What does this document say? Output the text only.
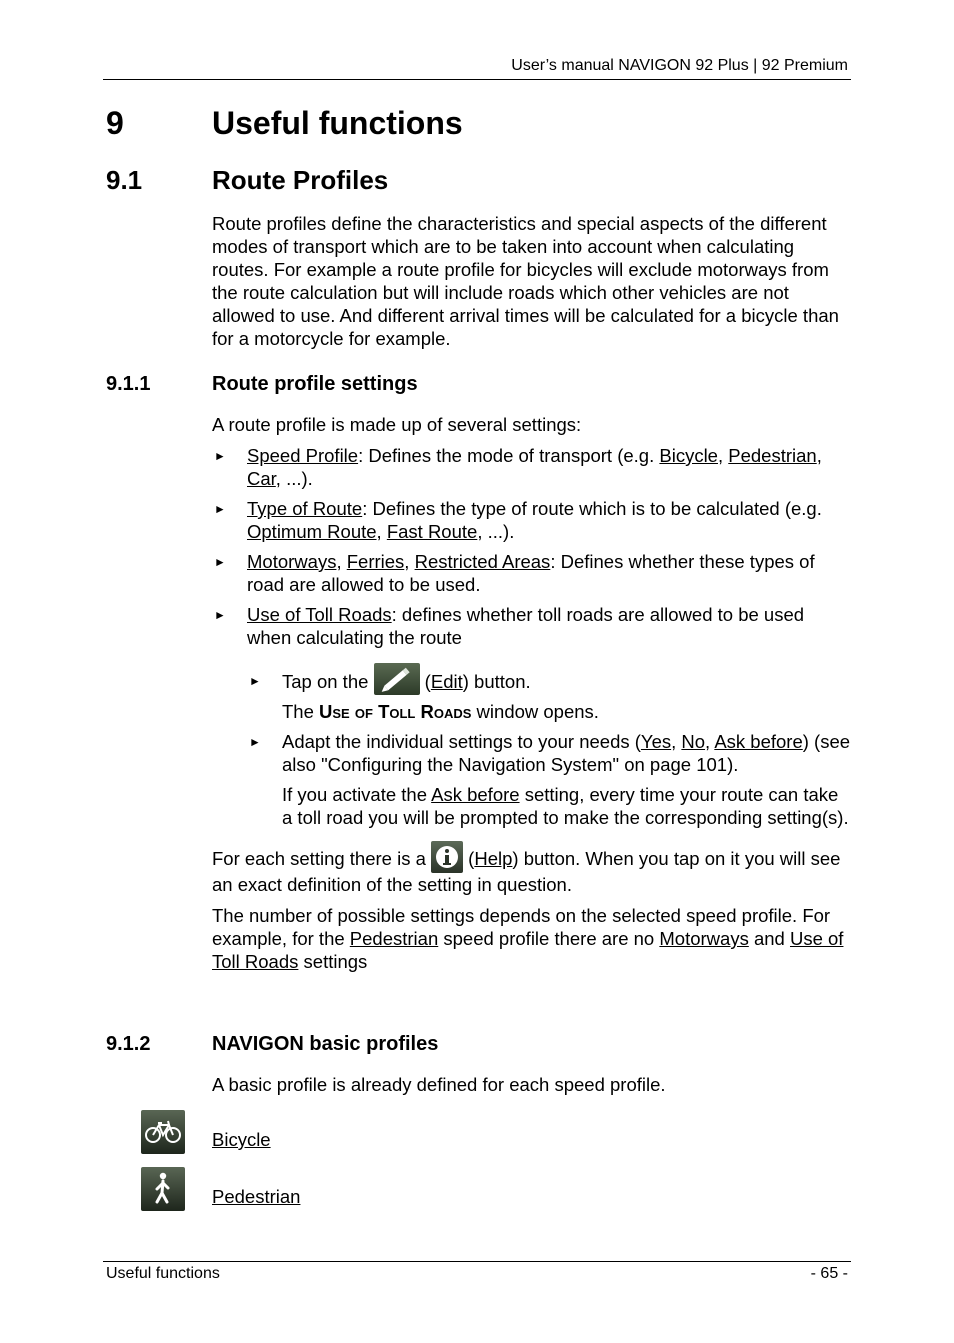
User’s manual NAVIGON 92 Plus | 92 Premium
9	Useful functions
9.1	Route Profiles

Route profiles define the characteristics and special aspects of the different modes of transport which are to be taken into account when calculating routes. For example a route profile for bicycles will exclude motorways from the route calculation but will include roads which other vehicles are not allowed to use. And different arrival times will be calculated for a bicycle than for a motorcycle for example.

9.1.1	Route profile settings

A route profile is made up of several settings:

► Speed Profile: Defines the mode of transport (e.g. Bicycle, Pedestrian, Car, ...).
► Type of Route: Defines the type of route which is to be calculated (e.g. Optimum Route, Fast Route, ...).
► Motorways, Ferries, Restricted Areas: Defines whether these types of road are allowed to be used.
► Use of Toll Roads: defines whether toll roads are allowed to be used when calculating the route
► Tap on the	(Edit) button.

The Use of Toll Roads window opens.

► Adapt the individual settings to your needs (Yes, No, Ask before) (see also "Configuring the Navigation System" on page 101).

If you activate the Ask before setting, every time your route can take a toll road you will be prompted to make the corresponding setting(s).

For each setting there is a  (Help) button. When you tap on it you will see an exact definition of the setting in question.

The number of possible settings depends on the selected speed profile. For example, for the Pedestrian speed profile there are no Motorways and Use of Toll Roads settings

9.1.2	NAVIGON basic profiles

A basic profile is already defined for each speed profile.

Bicycle
Pedestrian
Useful functions	- 65 -
